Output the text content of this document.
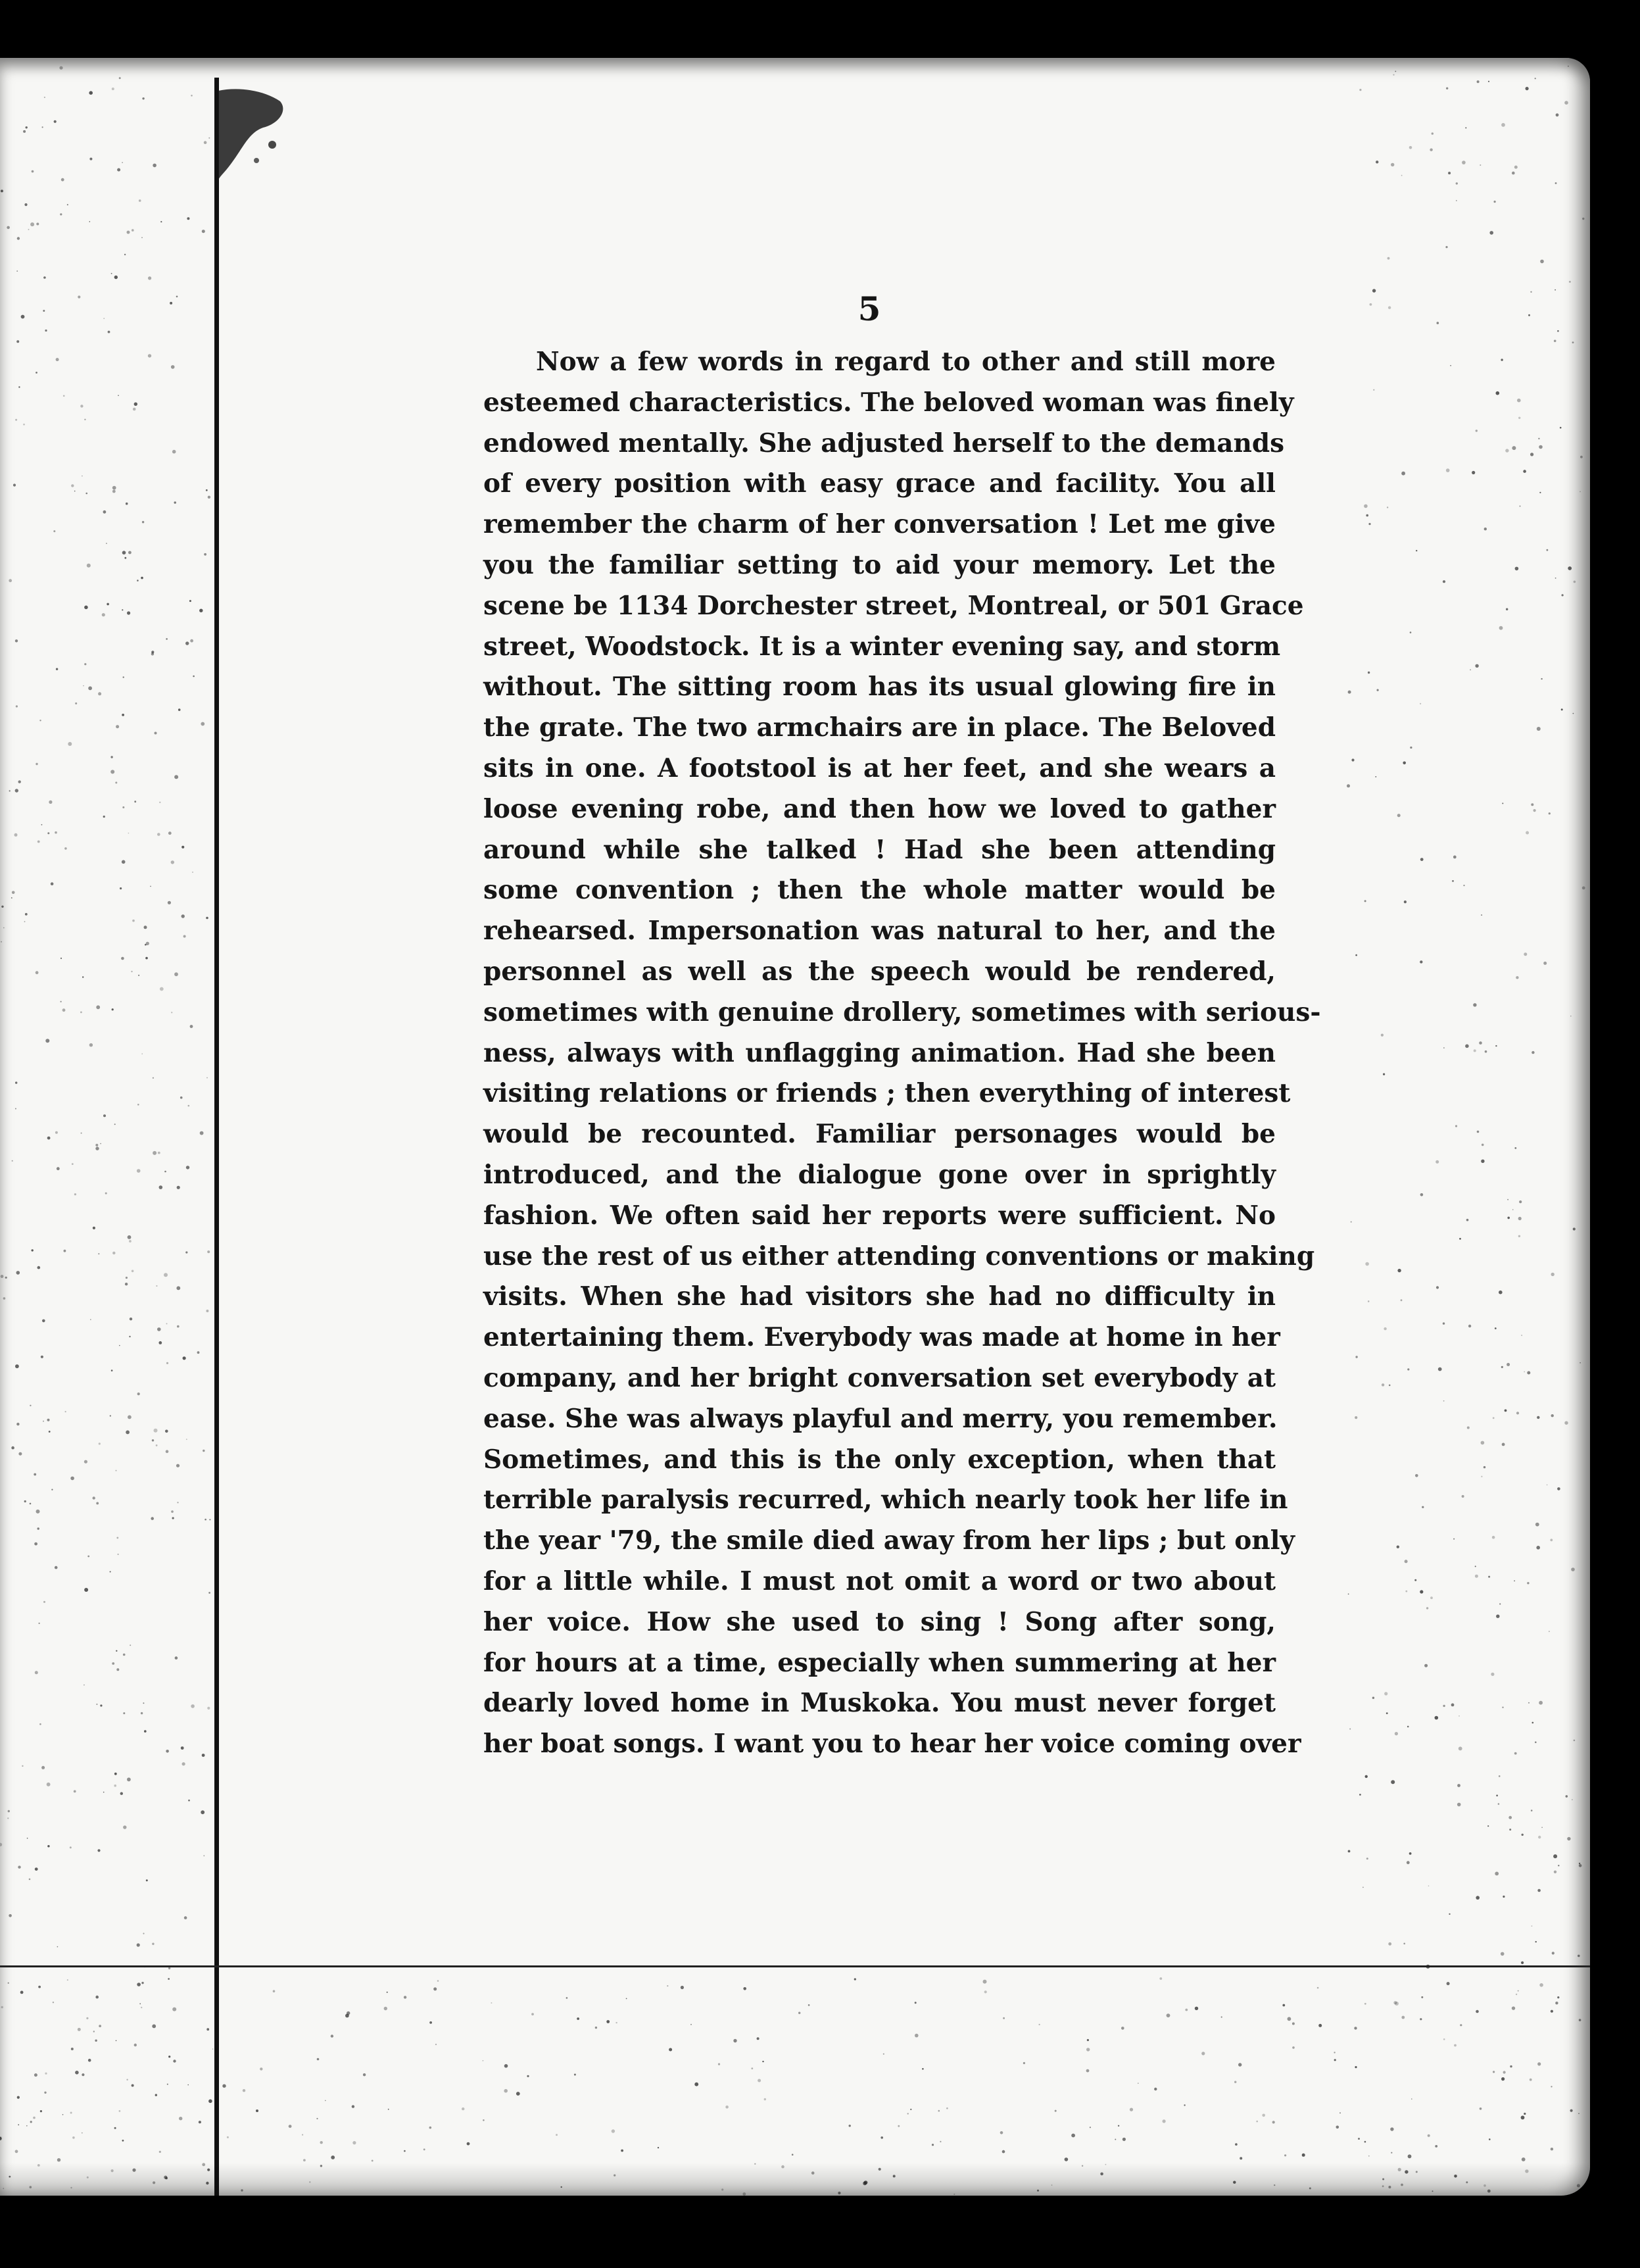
5
Now a few words in regard to other and still more
esteemed characteristics. The beloved woman was finely
endowed mentally. She adjusted herself to the demands
of every position with easy grace and facility. You all
remember the charm of her conversation ! Let me give
you the familiar setting to aid your memory. Let the
scene be 1134 Dorchester street, Montreal, or 501 Grace
street, Woodstock. It is a winter evening say, and storm
without. The sitting room has its usual glowing fire in
the grate. The two armchairs are in place. The Beloved
sits in one. A footstool is at her feet, and she wears a
loose evening robe, and then how we loved to gather
around while she talked ! Had she been attending
some convention ; then the whole matter would be
rehearsed. Impersonation was natural to her, and the
personnel as well as the speech would be rendered,
sometimes with genuine drollery, sometimes with serious-
ness, always with unflagging animation. Had she been
visiting relations or friends ; then everything of interest
would be recounted. Familiar personages would be
introduced, and the dialogue gone over in sprightly
fashion. We often said her reports were sufficient. No
use the rest of us either attending conventions or making
visits. When she had visitors she had no difficulty in
entertaining them. Everybody was made at home in her
company, and her bright conversation set everybody at
ease. She was always playful and merry, you remember.
Sometimes, and this is the only exception, when that
terrible paralysis recurred, which nearly took her life in
the year '79, the smile died away from her lips ; but only
for a little while. I must not omit a word or two about
her voice. How she used to sing ! Song after song,
for hours at a time, especially when summering at her
dearly loved home in Muskoka. You must never forget
her boat songs. I want you to hear her voice coming over
